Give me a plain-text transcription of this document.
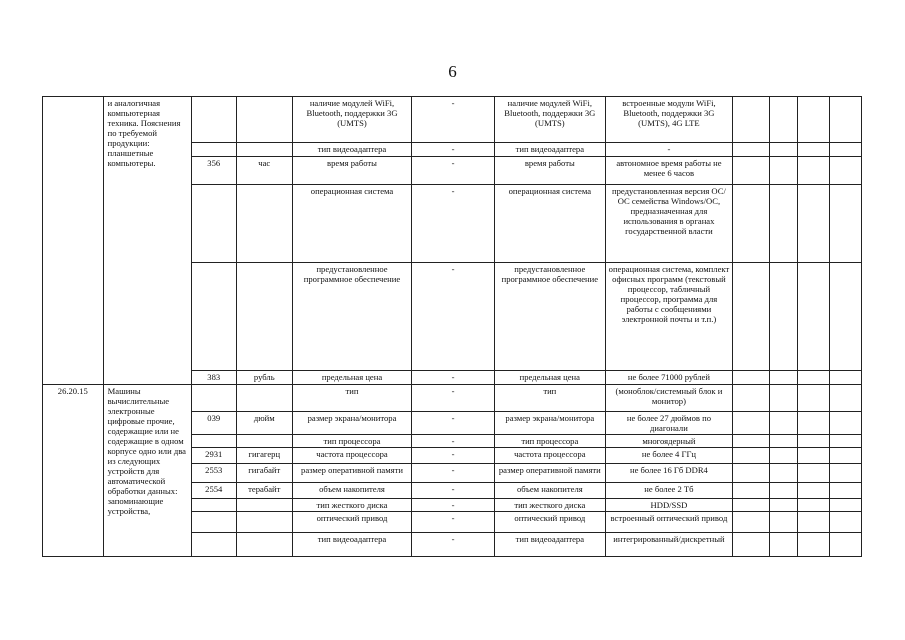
6
	и аналогичная компьютерная техника. Пояснения по требуемой продукции: планшетные компьютеры.			наличие модулей WiFi, Bluetooth, поддержки 3G (UMTS)	-	наличие модулей WiFi, Bluetooth, поддержки 3G (UMTS)	встроенные модули WiFi, Bluetooth, поддержки 3G (UMTS), 4G LTE				
				тип видеоадаптера	-	тип видеоадаптера	-				
		356	час	время работы	-	время работы	автономное время работы не менее 6 часов				
				операционная система	-	операционная система	предустановленная версия ОС/ОС семейства Windows/ОС, предназначенная для использования в органах государственной власти				
				предустановленное программное обеспечение	-	предустановленное программное обеспечение	операционная система, комплект офисных программ (текстовый процессор, табличный процессор, программа для работы с сообщениями электронной почты и т.п.)				
		383	рубль	предельная цена	-	предельная цена	не более 71000 рублей				
26.20.15	Машины вычислительные электронные цифровые прочие, содержащие или не содержащие в одном корпусе одно или два из следующих устройств для автоматической обработки данных: запоминающие устройства,			тип	-	тип	(моноблок/системный блок и монитор)				
		039	дюйм	размер экрана/монитора	-	размер экрана/монитора	не более 27 дюймов по диагонали				
				тип процессора	-	тип процессора	многоядерный				
		2931	гигагерц	частота процессора	-	частота процессора	не более 4 ГГц				
		2553	гигабайт	размер оперативной памяти	-	размер оперативной памяти	не более 16 Гб DDR4				
		2554	терабайт	объем накопителя	-	объем накопителя	не более 2 Тб				
				тип жесткого диска	-	тип жесткого диска	HDD/SSD				
				оптический привод	-	оптический привод	встроенный оптический привод				
				тип видеоадаптера	-	тип видеоадаптера	интегрированный/дискретный				
